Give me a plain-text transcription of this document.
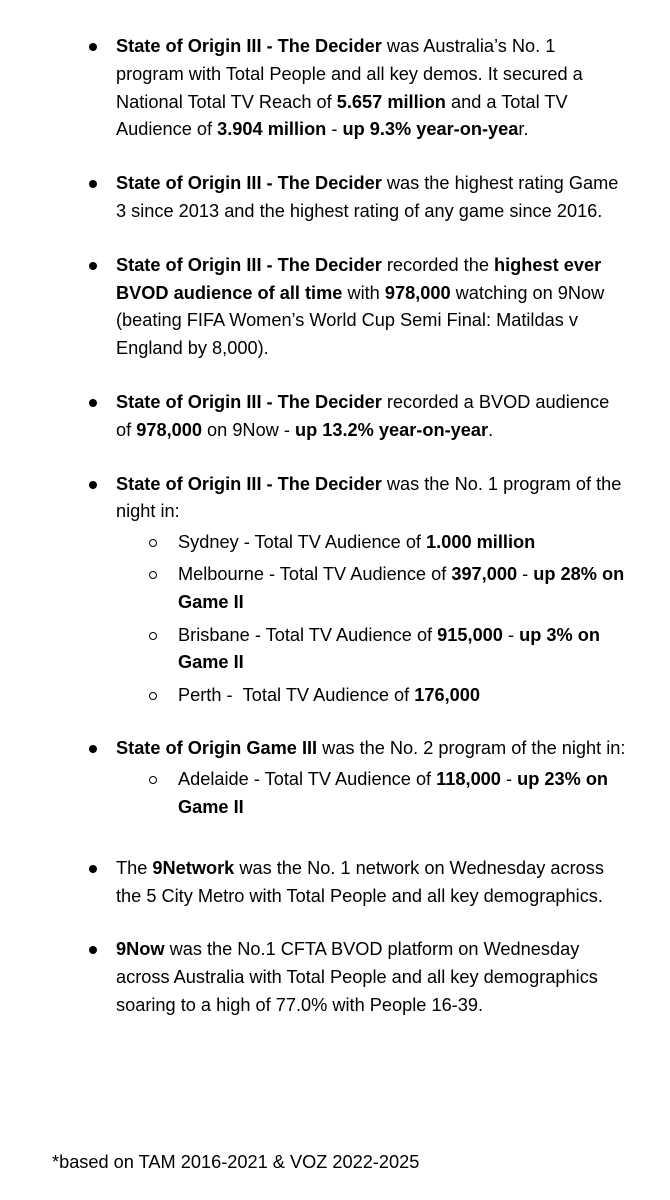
State of Origin III - The Decider was Australia’s No. 1 program with Total People and all key demos. It secured a National Total TV Reach of 5.657 million and a Total TV Audience of 3.904 million - up 9.3% year-on-year.
State of Origin III - The Decider was the highest rating Game 3 since 2013 and the highest rating of any game since 2016.
State of Origin III - The Decider recorded the highest ever BVOD audience of all time with 978,000 watching on 9Now (beating FIFA Women’s World Cup Semi Final: Matildas v England by 8,000).
State of Origin III - The Decider recorded a BVOD audience of 978,000 on 9Now - up 13.2% year-on-year.
State of Origin III - The Decider was the No. 1 program of the night in:
Sydney - Total TV Audience of 1.000 million
Melbourne - Total TV Audience of 397,000 - up 28% on Game II
Brisbane - Total TV Audience of 915,000 - up 3% on Game II
Perth -  Total TV Audience of 176,000
State of Origin Game III was the No. 2 program of the night in:
Adelaide - Total TV Audience of 118,000 - up 23% on Game II
The 9Network was the No. 1 network on Wednesday across the 5 City Metro with Total People and all key demographics.
9Now was the No.1 CFTA BVOD platform on Wednesday across Australia with Total People and all key demographics soaring to a high of 77.0% with People 16-39.
*based on TAM 2016-2021 & VOZ 2022-2025
